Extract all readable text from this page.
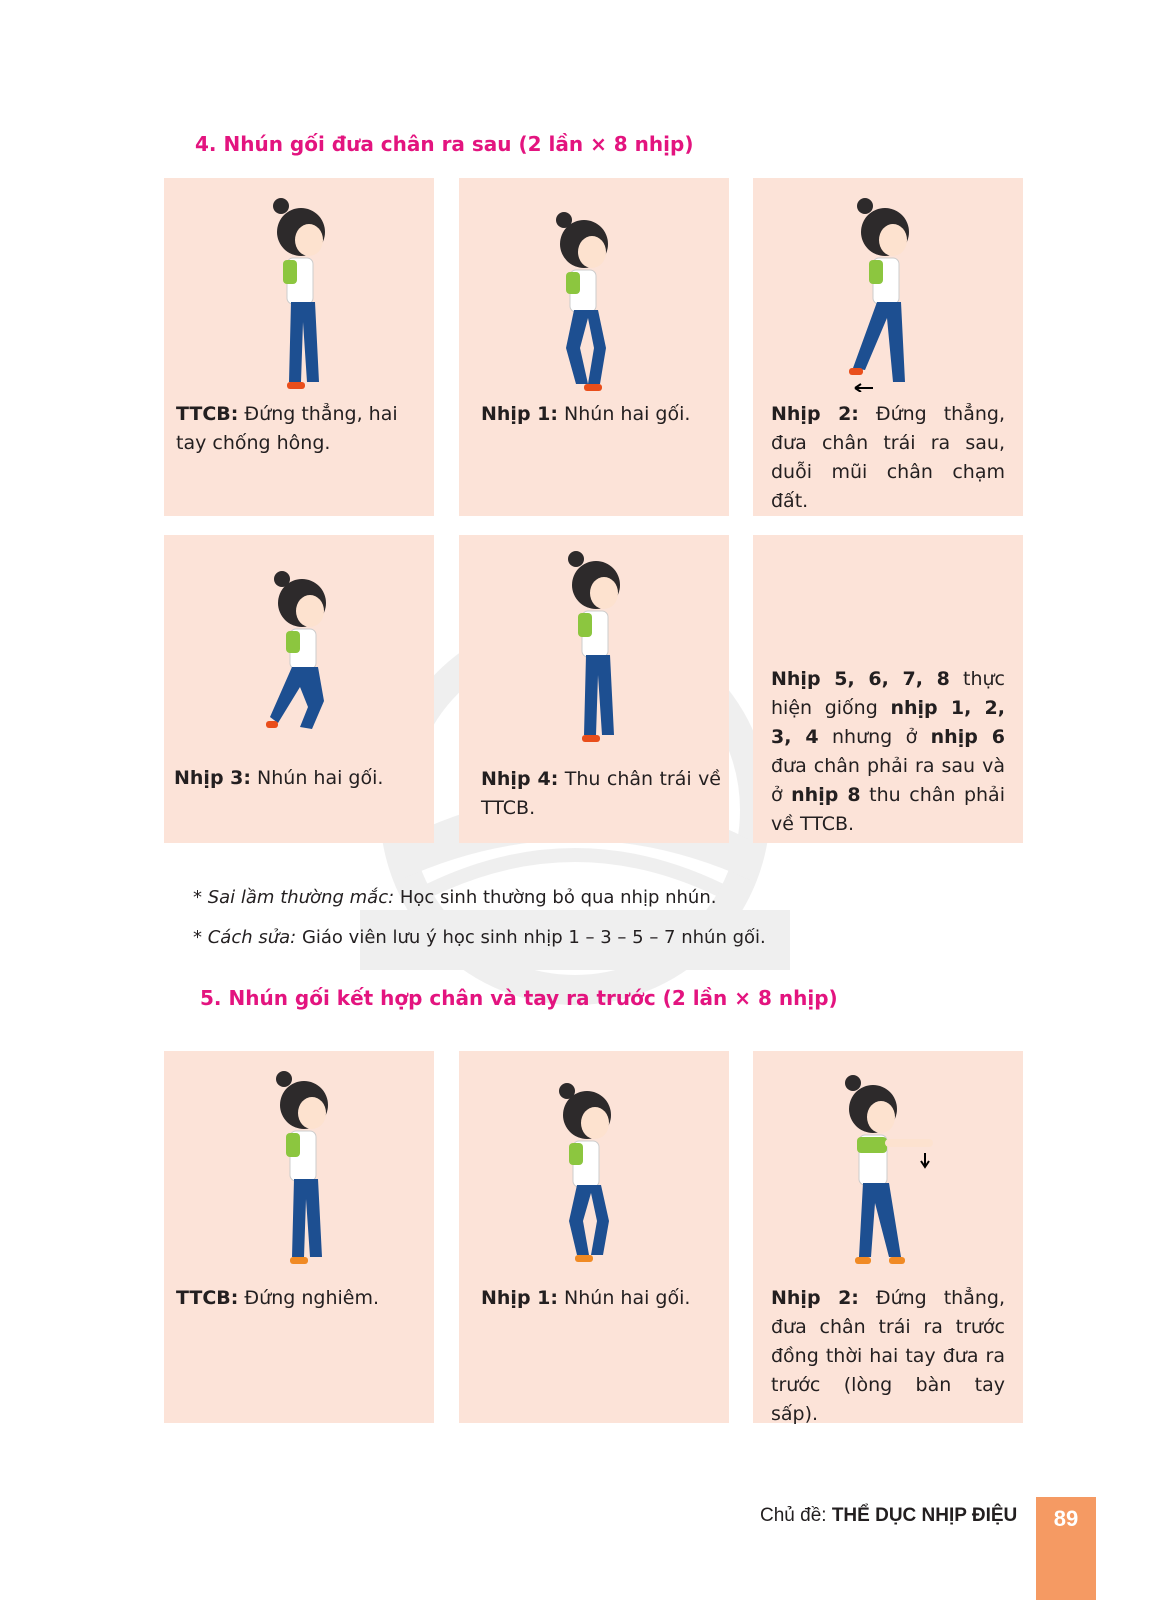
4. Nhún gối đưa chân ra sau (2 lần × 8 nhịp)

TTCB: Đứng thẳng, hai tay chống hông.

Nhịp 1: Nhún hai gối.	Nhịp 2: Đứng thẳng, đưa chân trái ra sau, duỗi mũi chân chạm đất.

Nhịp 3: Nhún hai gối.	Nhịp 4: Thu chân trái về TTCB.

Nhịp 5, 6, 7, 8 thực hiện giống nhịp 1, 2, 3, 4 nhưng ở nhịp 6 đưa chân phải ra sau và ở nhịp 8 thu chân phải về TTCB.

* Sai lầm thường mắc: Học sinh thường bỏ qua nhịp nhún.

* Cách sửa: Giáo viên lưu ý học sinh nhịp 1 – 3 – 5 – 7 nhún gối.

5. Nhún gối kết hợp chân và tay ra trước (2 lần × 8 nhịp)

TTCB: Đứng nghiêm.	Nhịp 1: Nhún hai gối.	Nhịp 2: Đứng thẳng, đưa chân trái ra trước đồng thời hai tay đưa ra trước (lòng bàn tay sấp).

Chủ đề: THỂ DỤC NHỊP ĐIỆU	89
